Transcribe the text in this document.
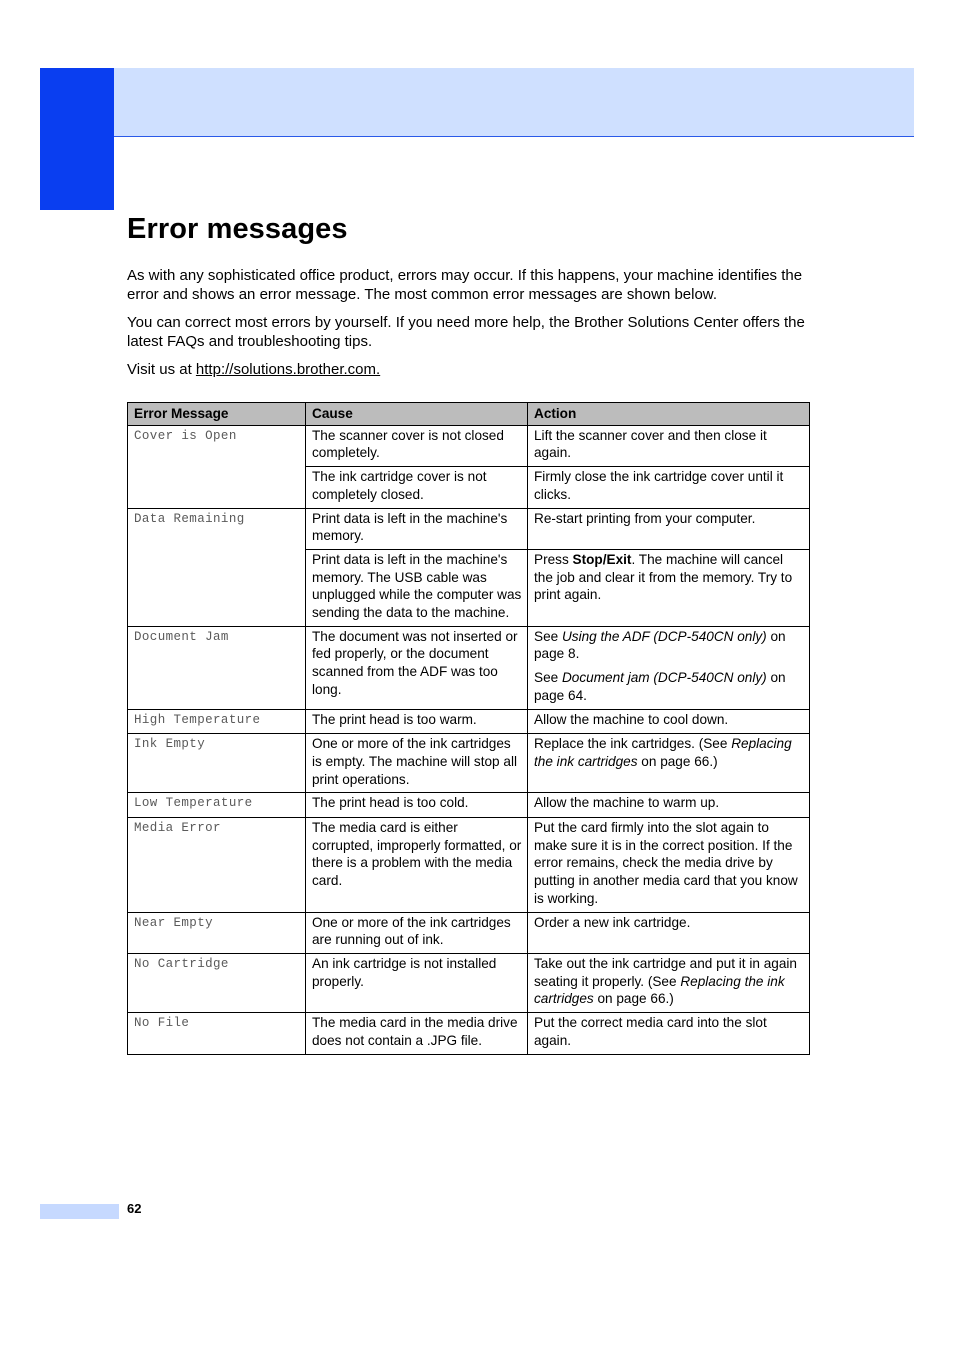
Error messages

As with any sophisticated office product, errors may occur. If this happens, your machine identifies the error and shows an error message. The most common error messages are shown below.

You can correct most errors by yourself. If you need more help, the Brother Solutions Center offers the latest FAQs and troubleshooting tips.

Visit us at http://solutions.brother.com.

Error Message	Cause	Action
Cover is Open	The scanner cover is not closed completely.	Lift the scanner cover and then close it again.
	The ink cartridge cover is not completely closed.	Firmly close the ink cartridge cover until it clicks.
Data Remaining	Print data is left in the machine's memory.	Re-start printing from your computer.
	Print data is left in the machine's memory. The USB cable was unplugged while the computer was sending the data to the machine.	Press Stop/Exit. The machine will cancel the job and clear it from the memory. Try to print again.
Document Jam	The document was not inserted or fed properly, or the document scanned from the ADF was too long.	See Using the ADF (DCP-540CN only) on page 8.
See Document jam (DCP-540CN only) on page 64.

High Temperature	The print head is too warm.	Allow the machine to cool down.
Ink Empty	One or more of the ink cartridges is empty. The machine will stop all print operations.	Replace the ink cartridges. (See Replacing the ink cartridges on page 66.)
Low Temperature	The print head is too cold.	Allow the machine to warm up.
Media Error	The media card is either corrupted, improperly formatted, or there is a problem with the media card.	Put the card firmly into the slot again to make sure it is in the correct position. If the error remains, check the media drive by putting in another media card that you know is working.
Near Empty	One or more of the ink cartridges are running out of ink.	Order a new ink cartridge.
No Cartridge	An ink cartridge is not installed properly.	Take out the ink cartridge and put it in again seating it properly. (See Replacing the ink cartridges on page 66.)
No File	The media card in the media drive does not contain a .JPG file.	Put the correct media card into the slot again.
62
